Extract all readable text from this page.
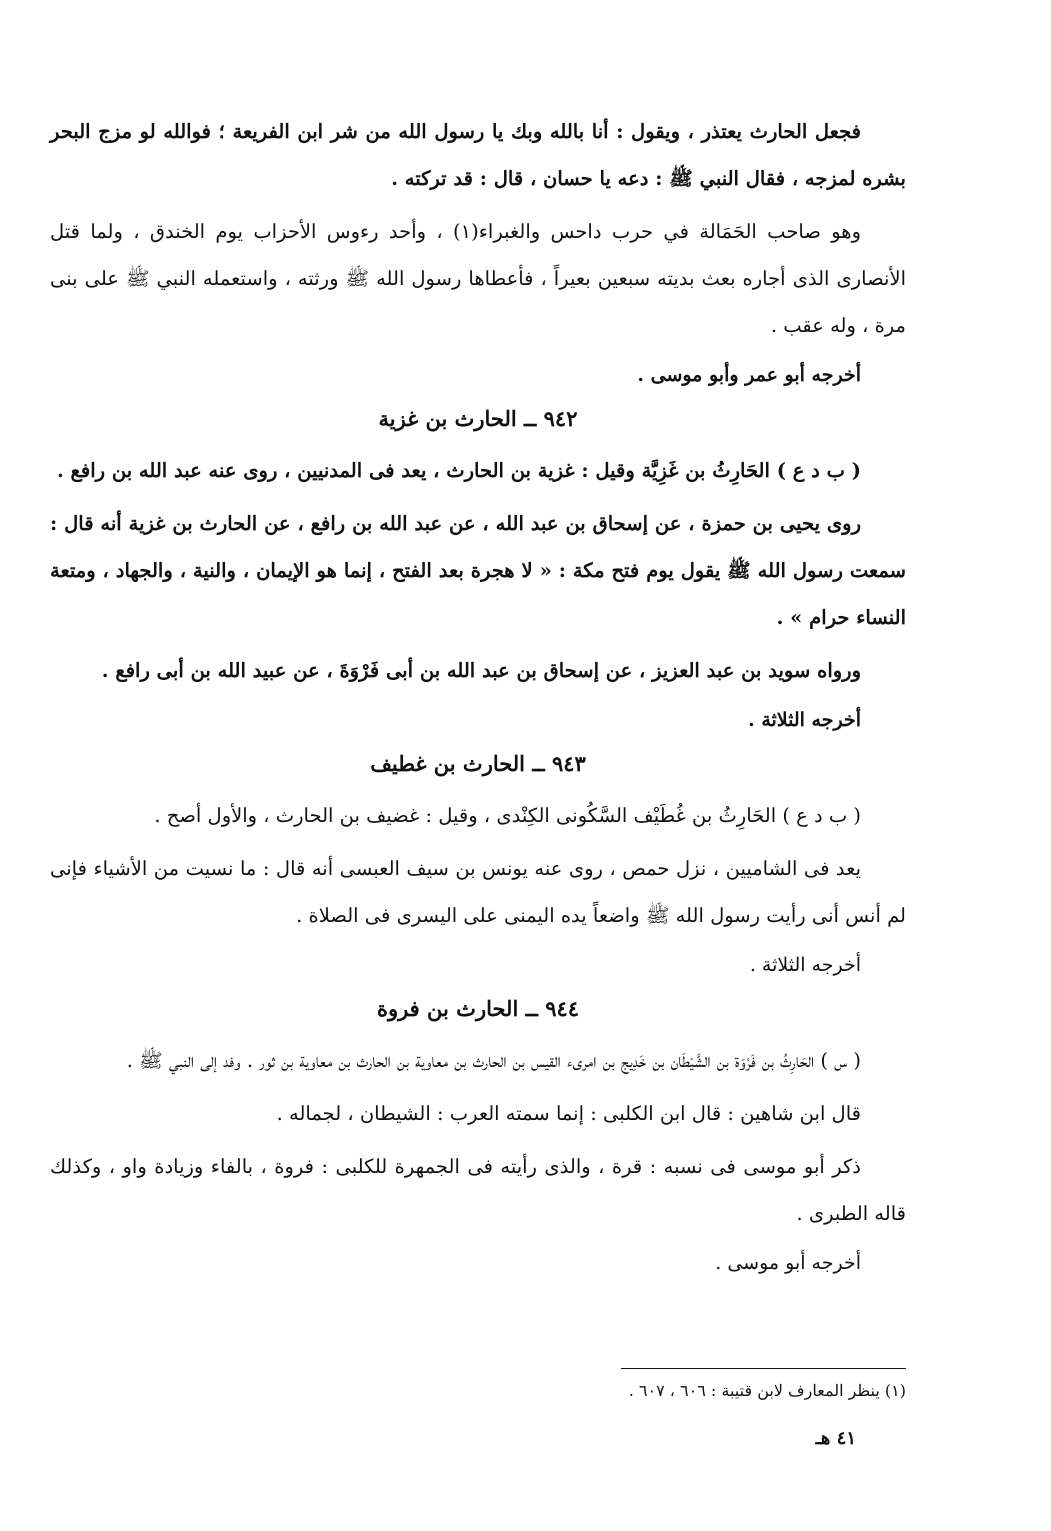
فجعل الحارث يعتذر ، ويقول : أنا بالله وبك يا رسول الله من شر ابن الفريعة ؛ فوالله لو مزج البحر بشره لمزجه ، فقال النبي ﷺ : دعه يا حسان ، قال : قد تركته .
وهو صاحب الحَمَالة في حرب داحس والغبراء(١) ، وأحد رءوس الأحزاب يوم الخندق ، ولما قتل الأنصارى الذى أجاره بعث بديته سبعين بعيراً ، فأعطاها رسول الله ﷺ ورثته ، واستعمله النبي ﷺ على بنى مرة ، وله عقب .
أخرجه أبو عمر وأبو موسى .
٩٤٢ ــ الحارث بن غزية
( ب د ع ) الحَارِثُ بن غَزِيَّة وقيل : غزية بن الحارث ، يعد فى المدنيين ، روى عنه عبد الله بن رافع .
روى يحيى بن حمزة ، عن إسحاق بن عبد الله ، عن عبد الله بن رافع ، عن الحارث بن غزية أنه قال : سمعت رسول الله ﷺ يقول يوم فتح مكة : « لا هجرة بعد الفتح ، إنما هو الإيمان ، والنية ، والجهاد ، ومتعة النساء حرام » .
ورواه سويد بن عبد العزيز ، عن إسحاق بن عبد الله بن أبى فَرْوَةَ ، عن عبيد الله بن أبى رافع .
أخرجه الثلاثة .
٩٤٣ ــ الحارث بن غطيف
( ب د ع ) الحَارِثُ بن غُطَيْف السَّكُونى الكِنْدى ، وقيل : غضيف بن الحارث ، والأول أصح .
يعد فى الشاميين ، نزل حمص ، روى عنه يونس بن سيف العبسى أنه قال : ما نسيت من الأشياء فإنى لم أنس أنى رأيت رسول الله ﷺ واضعاً يده اليمنى على اليسرى فى الصلاة .
أخرجه الثلاثة .
٩٤٤ ــ الحارث بن فروة
( س ) الحَارِثُ بن فَرْوَة بن الشَّيْطَان بن خَدِيج بن امرىء القيس بن الحارث بن معاوية بن الحارث بن معاوية بن ثور . وفد إلى النبي ﷺ .
قال ابن شاهين : قال ابن الكلبى : إنما سمته العرب : الشيطان ، لجماله .
ذكر أبو موسى فى نسبه : قرة ، والذى رأيته فى الجمهرة للكلبى : فروة ، بالفاء وزيادة واو ، وكذلك قاله الطبرى .
أخرجه أبو موسى .
(١) ينظر المعارف لابن قتيبة : ٦٠٦ ، ٦٠٧ .
٤١ هـ
